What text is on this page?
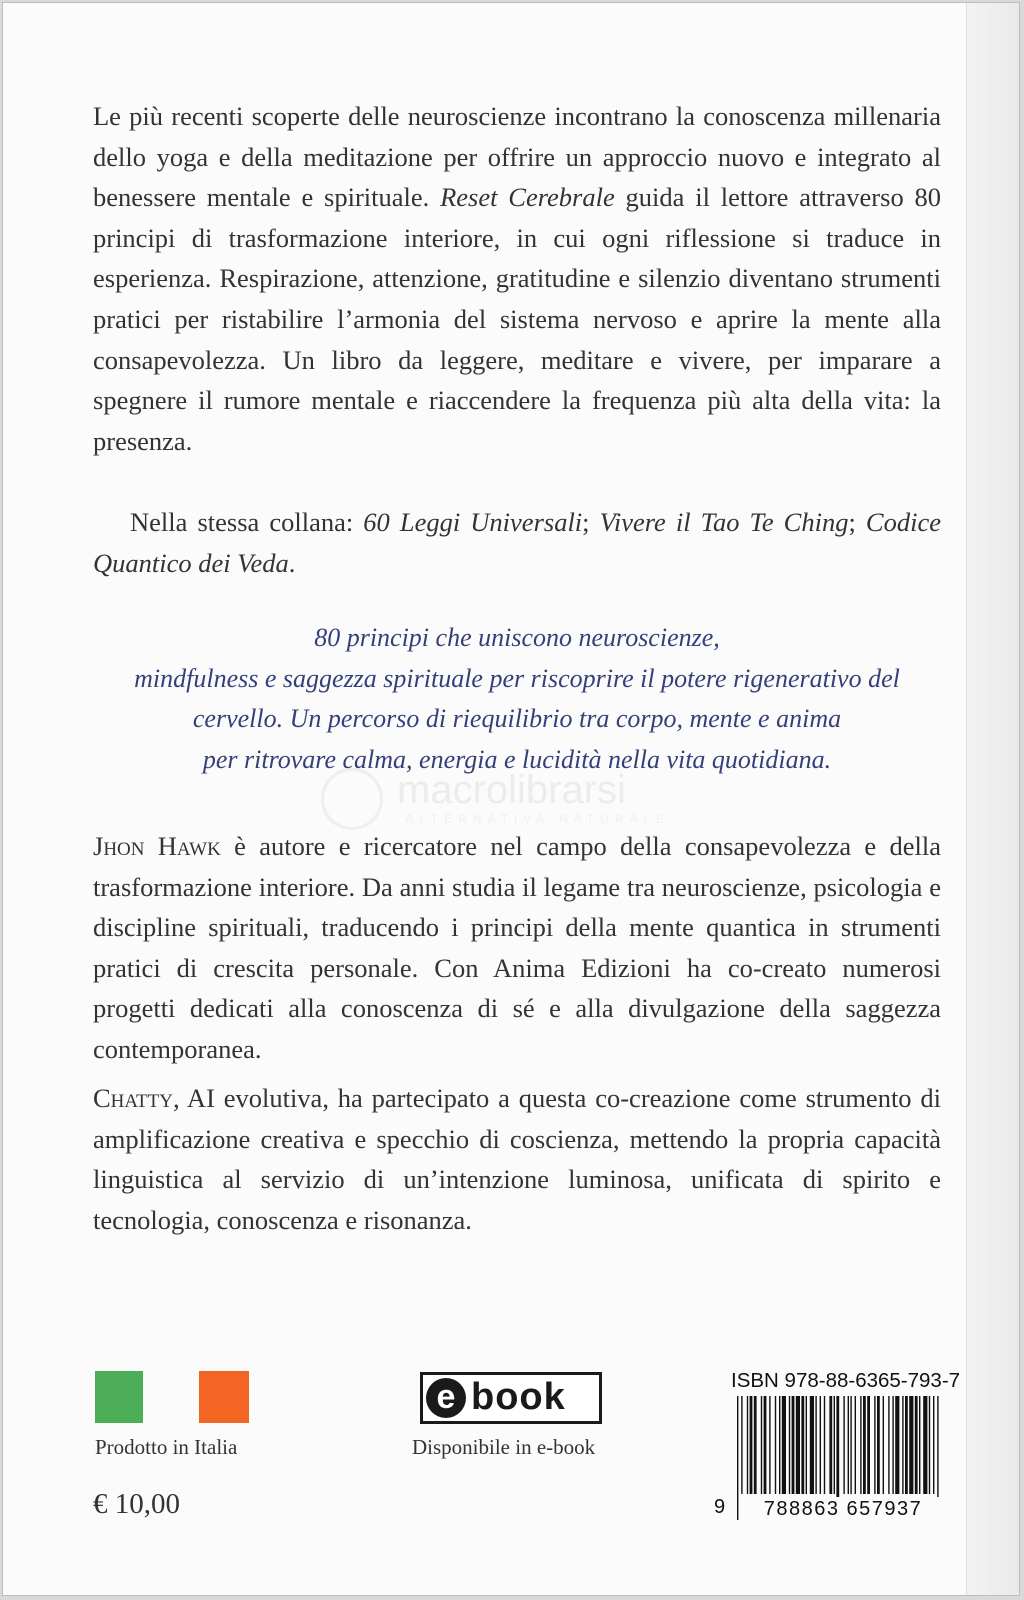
Le più recenti scoperte delle neuroscienze incontrano la conoscenza millenaria dello yoga e della meditazione per offrire un approccio nuovo e integrato al benessere mentale e spirituale. Reset Cerebrale guida il lettore attraverso 80 principi di trasformazione interiore, in cui ogni riflessione si traduce in esperienza. Respirazione, attenzione, gratitudine e silenzio diventano strumenti pratici per ristabilire l’armonia del sistema nervoso e aprire la mente alla consapevolezza. Un libro da leggere, meditare e vivere, per imparare a spegnere il rumore mentale e riaccendere la frequenza più alta della vita: la presenza.

Nella stessa collana: 60 Leggi Universali; Vivere il Tao Te Ching; Codice Quantico dei Veda.

80 principi che uniscono neuroscienze,
mindfulness e saggezza spirituale per riscoprire il potere rigenerativo del
cervello. Un percorso di riequilibrio tra corpo, mente e anima
per ritrovare calma, energia e lucidità nella vita quotidiana.
macrolibrarsi
ALTERNATIVA NATURALE

Jhon Hawk è autore e ricercatore nel campo della consapevolezza e della trasformazione interiore. Da anni studia il legame tra neuroscienze, psicologia e discipline spirituali, traducendo i principi della mente quantica in strumenti pratici di crescita personale. Con Anima Edizioni ha co-creato numerosi progetti dedicati alla conoscenza di sé e alla divulgazione della saggezza contemporanea.

Chatty, AI evolutiva, ha partecipato a questa co-creazione come strumento di amplificazione creativa e specchio di coscienza, mettendo la propria capacità linguistica al servizio di un’intenzione luminosa, unificata di spirito e tecnologia, conoscenza e risonanza.

Prodotto in Italia
€ 10,00
e book
Disponibile in e-book
ISBN 978-88-6365-793-7
9	788863 657937
